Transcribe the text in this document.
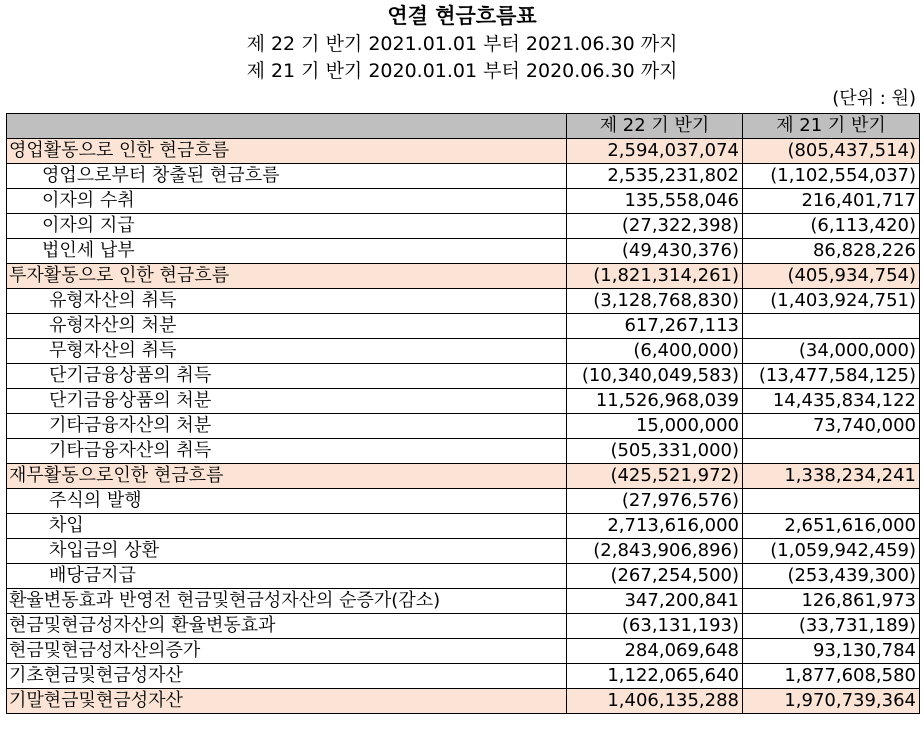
연결 현금흐름표
제 22 기 반기 2021.01.01 부터 2021.06.30 까지
제 21 기 반기 2020.01.01 부터 2020.06.30 까지
(단위 : 원)
	제 22 기 반기	제 21 기 반기
영업활동으로 인한 현금흐름	2,594,037,074	(805,437,514)
영업으로부터 창출된 현금흐름	2,535,231,802	(1,102,554,037)
이자의 수취	135,558,046	216,401,717
이자의 지급	(27,322,398)	(6,113,420)
법인세 납부	(49,430,376)	86,828,226
투자활동으로 인한 현금흐름	(1,821,314,261)	(405,934,754)
유형자산의 취득	(3,128,768,830)	(1,403,924,751)
유형자산의 처분	617,267,113	
무형자산의 취득	(6,400,000)	(34,000,000)
단기금융상품의 취득	(10,340,049,583)	(13,477,584,125)
단기금융상품의 처분	11,526,968,039	14,435,834,122
기타금융자산의 처분	15,000,000	73,740,000
기타금융자산의 취득	(505,331,000)	
재무활동으로인한 현금흐름	(425,521,972)	1,338,234,241
주식의 발행	(27,976,576)	
차입	2,713,616,000	2,651,616,000
차입금의 상환	(2,843,906,896)	(1,059,942,459)
배당금지급	(267,254,500)	(253,439,300)
환율변동효과 반영전 현금및현금성자산의 순증가(감소)	347,200,841	126,861,973
현금및현금성자산의 환율변동효과	(63,131,193)	(33,731,189)
현금및현금성자산의증가	284,069,648	93,130,784
기초현금및현금성자산	1,122,065,640	1,877,608,580
기말현금및현금성자산	1,406,135,288	1,970,739,364
